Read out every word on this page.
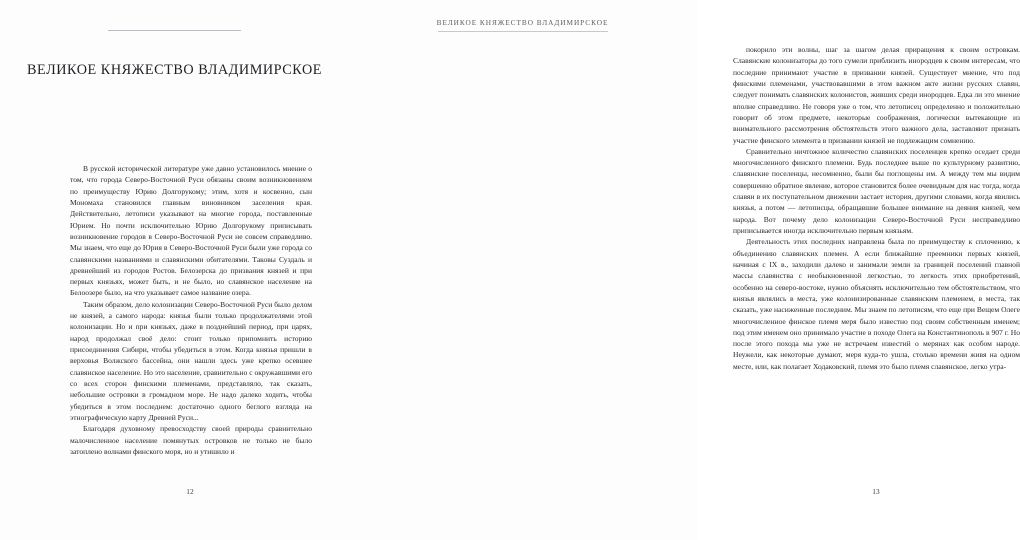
ВЕЛИКОЕ КНЯЖЕСТВО ВЛАДИМИРСКОЕ

В русской исторической литературе уже давно установилось мнение о том, что города Северо-Восточной Руси обязаны своим возникновением по преимуществу Юрию Долгорукому; этим, хотя и косвенно, сын Мономаха становился главным виновником заселения края. Действительно, летописи указывают на многие города, поставленные Юрием. Но почти исключительно Юрию Долгорукому приписывать возникновение городов в Северо-Восточной Руси не совсем справедливо. Мы знаем, что еще до Юрия в Северо-Восточной Руси были уже города со славянскими названиями и славянскими обитателями. Таковы Суздаль и древнейший из городов Ростов. Белозерска до призвания князей и при первых князьях, может быть, и не было, но славянское население на Белоозере было, на что указывает самое название озера.

Таким образом, дело колонизации Северо-Восточной Руси было делом не князей, а самого народа: князья были только продолжателями этой колонизации. Но и при князьях, даже в позднейший период, при царях, народ продолжал своё дело: стоит только припомнить историю присоединения Сибири, чтобы убедиться в этом. Когда князья пришли в верховья Волжского бассейна, они нашли здесь уже крепко осевшее славянское население. Но это население, сравнительно с окружавшими его со всех сторон финскими племенами, представляло, так сказать, небольшие островки в громадном море. Не надо далеко ходить, чтобы убедиться в этом последнем: достаточно одного беглого взгляда на этнографическую карту Древней Руси...

Благодаря духовному превосходству своей природы сравнительно малочисленное население помянутых островков не только не было затоплено волнами финского моря, но и утишило и

12
ВЕЛИКОЕ КНЯЖЕСТВО ВЛАДИМИРСКОЕ

покорило эти волны, шаг за шагом делая приращения к своим островкам. Славянские колонизаторы до того сумели приблизить инородцев к своим интересам, что последние принимают участие в призвании князей. Существует мнение, что под финскими племенами, участвовавшими в этом важном акте жизни русских славян, следует понимать славянских колонистов, живших среди инородцев. Едка ли это мнение вполне справедливо. Не говоря уже о том, что летописец определенно и положительно говорит об этом предмете, некоторые соображения, логически вытекающие из внимательного рассмотрения обстоятельств этого важного дела, заставляют признать участие финского элемента в призвании князей не подлежащим сомнению.

Сравнительно ничтожное количество славянских поселенцев крепко оседает среди многочисленного финского племени. Будь последнее выше по культурному развитию, славянские поселенцы, несомненно, были бы поглощены им. А между тем мы видим совершенно обратное явление, которое становится более очевидным для нас тогда, когда славян в их поступательном движении застает история, другими словами, когда явились князья, а потом — летописцы, обращавшие большее внимание на деяния князей, чем народа. Вот почему дело колонизации Северо-Восточной Руси несправедливо приписывается иногда исключительно первым князьям.

Деятельность этих последних направлена была по преимуществу к сплочению, к объединению славянских племен. А если ближайшие преемники первых князей, начиная с IX в., заходили далеко и занимали земли за границей поселений главной массы славянства с необыкновенной легкостью, то легкость этих приобретений, особенно на северо-востоке, нужно объяснять исключительно тем обстоятельством, что князья являлись в места, уже колонизированные славянским племенем, в места, так сказать, уже насиженные последним. Мы знаем по летописям, что еще при Вещем Олеге многочисленное финское племя меря было известно под своим собственным именем; под этим именем оно принимало участие в походе Олега на Константинополь в 907 г. Но после этого похода мы уже не встречаем известий о мерянах как особом народе. Неужели, как некоторые думают, меря куда-то ушла, столько времени живя на одном месте, или, как полагает Ходаковский, племя это было племя славянское, легко утра-

13
